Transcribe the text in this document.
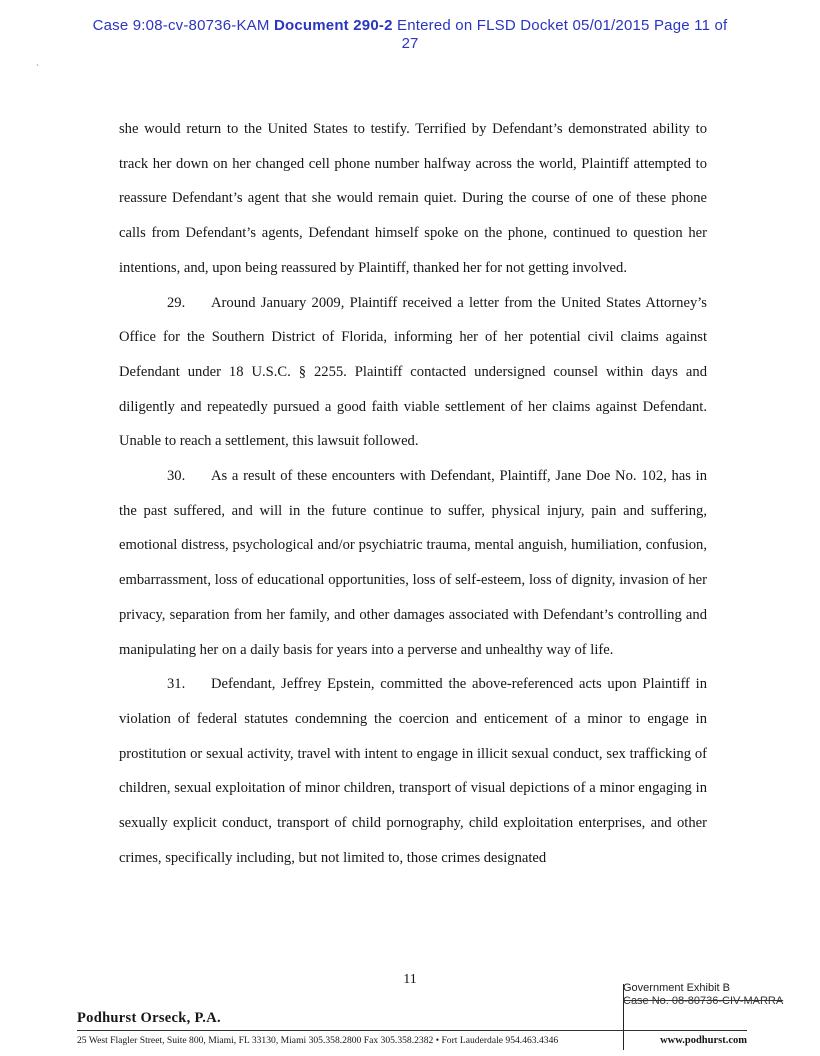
Case 9:08-cv-80736-KAM Document 290-2 Entered on FLSD Docket 05/01/2015 Page 11 of
27
`

she would return to the United States to testify. Terrified by Defendant’s demonstrated ability to track her down on her changed cell phone number halfway across the world, Plaintiff attempted to reassure Defendant’s agent that she would remain quiet. During the course of one of these phone calls from Defendant’s agents, Defendant himself spoke on the phone, continued to question her intentions, and, upon being reassured by Plaintiff, thanked her for not getting involved.

29. Around January 2009, Plaintiff received a letter from the United States Attorney’s Office for the Southern District of Florida, informing her of her potential civil claims against Defendant under 18 U.S.C. § 2255. Plaintiff contacted undersigned counsel within days and diligently and repeatedly pursued a good faith viable settlement of her claims against Defendant. Unable to reach a settlement, this lawsuit followed.

30. As a result of these encounters with Defendant, Plaintiff, Jane Doe No. 102, has in the past suffered, and will in the future continue to suffer, physical injury, pain and suffering, emotional distress, psychological and/or psychiatric trauma, mental anguish, humiliation, confusion, embarrassment, loss of educational opportunities, loss of self-esteem, loss of dignity, invasion of her privacy, separation from her family, and other damages associated with Defendant’s controlling and manipulating her on a daily basis for years into a perverse and unhealthy way of life.

31. Defendant, Jeffrey Epstein, committed the above-referenced acts upon Plaintiff in violation of federal statutes condemning the coercion and enticement of a minor to engage in prostitution or sexual activity, travel with intent to engage in illicit sexual conduct, sex trafficking of children, sexual exploitation of minor children, transport of visual depictions of a minor engaging in sexually explicit conduct, transport of child pornography, child exploitation enterprises, and other crimes, specifically including, but not limited to, those crimes designated

11
Government Exhibit B
Case No. 08-80736-CIV-MARRA
Podhurst Orseck, P.A.
25 West Flagler Street, Suite 800, Miami, FL 33130, Miami 305.358.2800 Fax 305.358.2382 • Fort Lauderdale 954.463.4346	www.podhurst.com
